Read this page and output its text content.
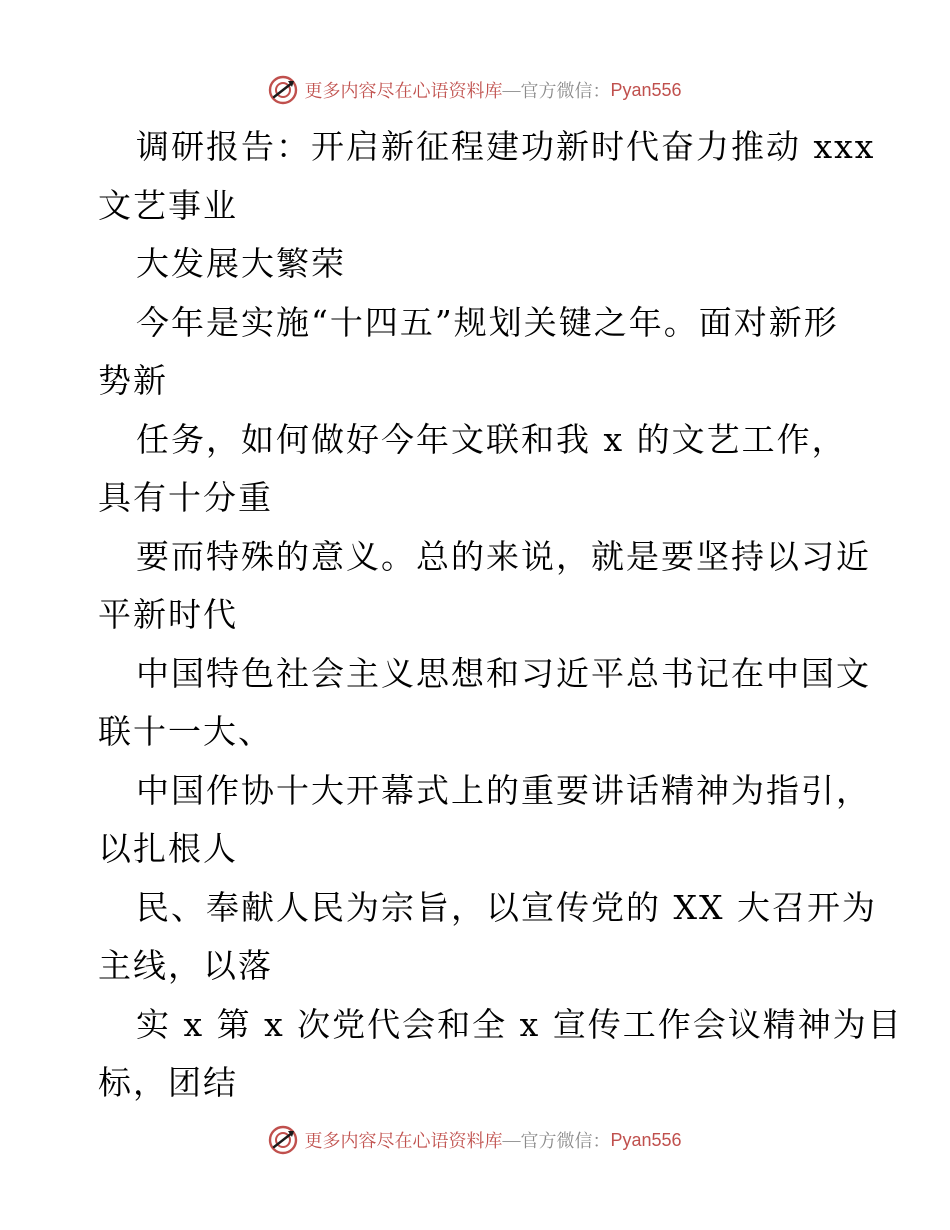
更多内容尽在心语资料库 — 官方微信： Pyan556
调研报告：开启新征程建功新时代奋力推动 xxx
文艺事业
大发展大繁荣
今年是实施“十四五”规划关键之年。面对新形
势新
任务，如何做好今年文联和我 x 的文艺工作，
具有十分重
要而特殊的意义。总的来说，就是要坚持以习近
平新时代
中国特色社会主义思想和习近平总书记在中国文
联十一大、
中国作协十大开幕式上的重要讲话精神为指引，
以扎根人
民、奉献人民为宗旨，以宣传党的 XX 大召开为
主线，以落
实 x 第 x 次党代会和全 x 宣传工作会议精神为目
标，团结
更多内容尽在心语资料库 — 官方微信： Pyan556
